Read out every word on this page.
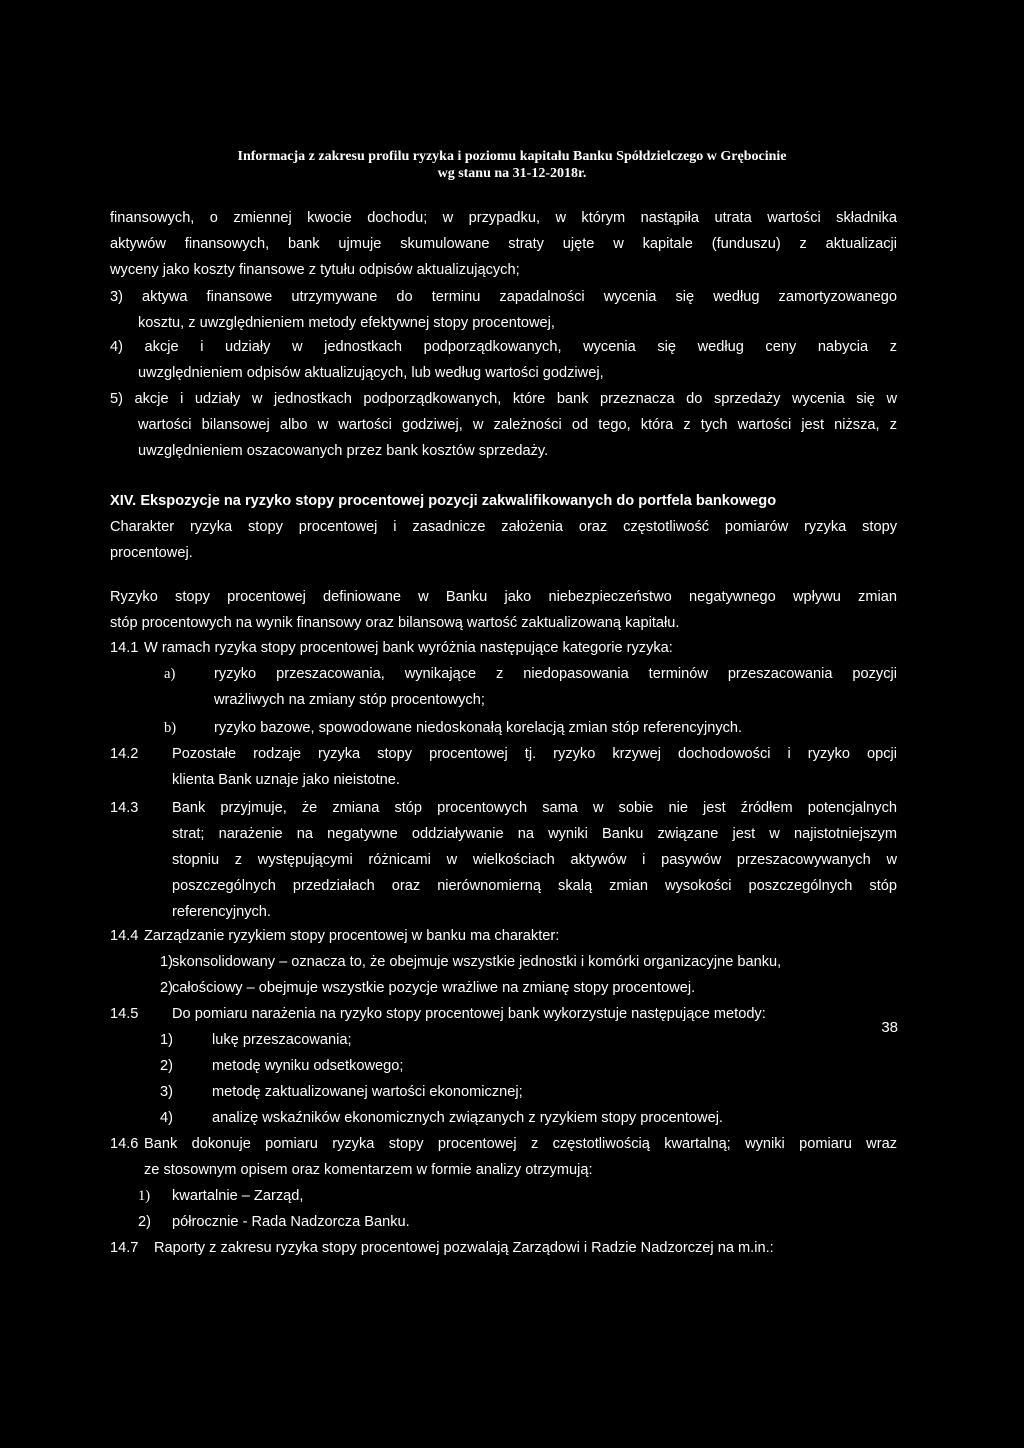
Informacja z zakresu profilu ryzyka i poziomu kapitału Banku Spółdzielczego w Grębocinie
wg stanu na 31-12-2018r.
finansowych, o zmiennej kwocie dochodu; w przypadku, w którym nastąpiła utrata wartości składnika
aktywów finansowych, bank ujmuje skumulowane straty ujęte w kapitale (funduszu) z aktualizacji
wyceny jako koszty finansowe z tytułu odpisów aktualizujących;
3) aktywa finansowe utrzymywane do terminu zapadalności wycenia się według zamortyzowanego
kosztu, z uwzględnieniem metody efektywnej stopy procentowej,
4) akcje i udziały w jednostkach podporządkowanych, wycenia się według ceny nabycia z
uwzględnieniem odpisów aktualizujących, lub według wartości godziwej,
5) akcje i udziały w jednostkach podporządkowanych, które bank przeznacza do sprzedaży wycenia się w
wartości bilansowej albo w wartości godziwej, w zależności od tego, która z tych wartości jest niższa, z
uwzględnieniem oszacowanych przez bank kosztów sprzedaży.
XIV. Ekspozycje na ryzyko stopy procentowej pozycji zakwalifikowanych do portfela bankowego
Charakter ryzyka stopy procentowej i zasadnicze założenia oraz częstotliwość pomiarów ryzyka stopy
procentowej.
Ryzyko stopy procentowej definiowane w Banku jako niebezpieczeństwo negatywnego wpływu zmian
stóp procentowych na wynik finansowy oraz bilansową wartość zaktualizowaną kapitału.
14.1 W ramach ryzyka stopy procentowej bank wyróżnia następujące kategorie ryzyka:
a)	ryzyko przeszacowania, wynikające z niedopasowania terminów przeszacowania pozycji
wrażliwych na zmiany stóp procentowych;
b)	ryzyko bazowe, spowodowane niedoskonałą korelacją zmian stóp referencyjnych.
14.2 Pozostałe rodzaje ryzyka stopy procentowej tj. ryzyko krzywej dochodowości i ryzyko opcji
klienta Bank uznaje jako nieistotne.
14.3 Bank przyjmuje, że zmiana stóp procentowych sama w sobie nie jest źródłem potencjalnych
strat; narażenie na negatywne oddziaływanie na wyniki Banku związane jest w najistotniejszym
stopniu z występującymi różnicami w wielkościach aktywów i pasywów przeszacowywanych w
poszczególnych przedziałach oraz nierównomierną skalą zmian wysokości poszczególnych stóp
referencyjnych.
14.4 Zarządzanie ryzykiem stopy procentowej w banku ma charakter:
1) skonsolidowany – oznacza to, że obejmuje wszystkie jednostki i komórki organizacyjne banku,
2) całościowy – obejmuje wszystkie pozycje wrażliwe na zmianę stopy procentowej.
14.5 Do pomiaru narażenia na ryzyko stopy procentowej bank wykorzystuje następujące metody:
1)	lukę przeszacowania;
2)	metodę wyniku odsetkowego;
3)	metodę zaktualizowanej wartości ekonomicznej;
4)	analizę wskaźników ekonomicznych związanych z ryzykiem stopy procentowej.
14.6 Bank dokonuje pomiaru ryzyka stopy procentowej z częstotliwością kwartalną; wyniki pomiaru wraz
ze stosownym opisem oraz komentarzem w formie analizy otrzymują:
1) kwartalnie – Zarząd,
2) półrocznie - Rada Nadzorcza Banku.
14.7 Raporty z zakresu ryzyka stopy procentowej pozwalają Zarządowi i Radzie Nadzorczej na m.in.:
38
